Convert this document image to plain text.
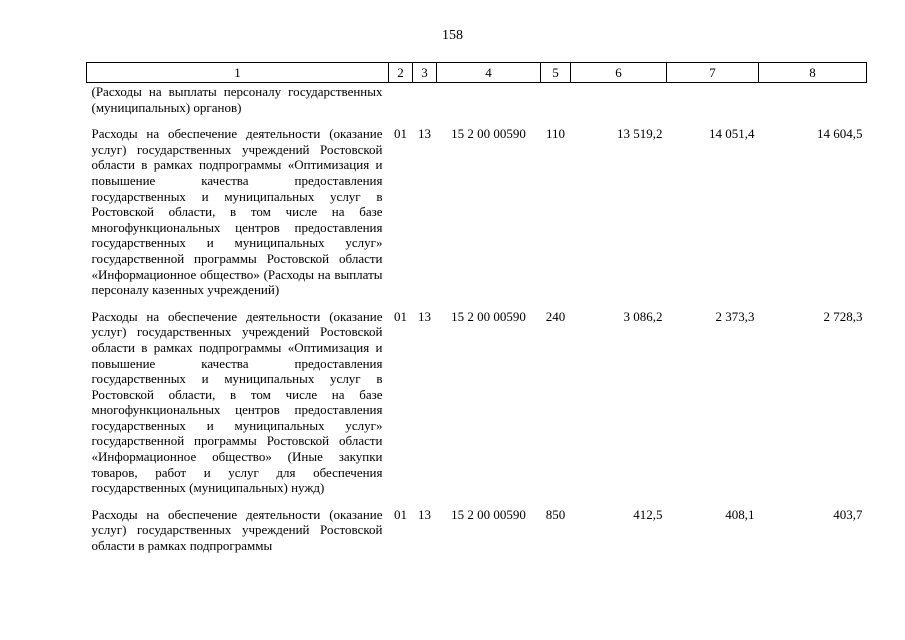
158
1	2	3	4	5	6	7	8
(Расходы на выплаты персоналу государственных (муниципальных) органов)							
Расходы на обеспечение деятельности (оказание услуг) государственных учреждений Ростовской области в рамках подпрограммы «Оптимизация и повышение качества предоставления государственных и муниципальных услуг в Ростовской области, в том числе на базе многофункциональных центров предоставления государственных и муниципальных услуг» государственной программы Ростовской области «Информационное общество» (Расходы на выплаты персоналу казенных учреждений)	01	13	15 2 00 00590	110	13 519,2	14 051,4	14 604,5
Расходы на обеспечение деятельности (оказание услуг) государственных учреждений Ростовской области в рамках подпрограммы «Оптимизация и повышение качества предоставления государственных и муниципальных услуг в Ростовской области, в том числе на базе многофункциональных центров предоставления государственных и муниципальных услуг» государственной программы Ростовской области «Информационное общество» (Иные закупки товаров, работ и услуг для обеспечения государственных (муниципальных) нужд)	01	13	15 2 00 00590	240	3 086,2	2 373,3	2 728,3
Расходы на обеспечение деятельности (оказание услуг) государственных учреждений Ростовской области в рамках подпрограммы	01	13	15 2 00 00590	850	412,5	408,1	403,7
